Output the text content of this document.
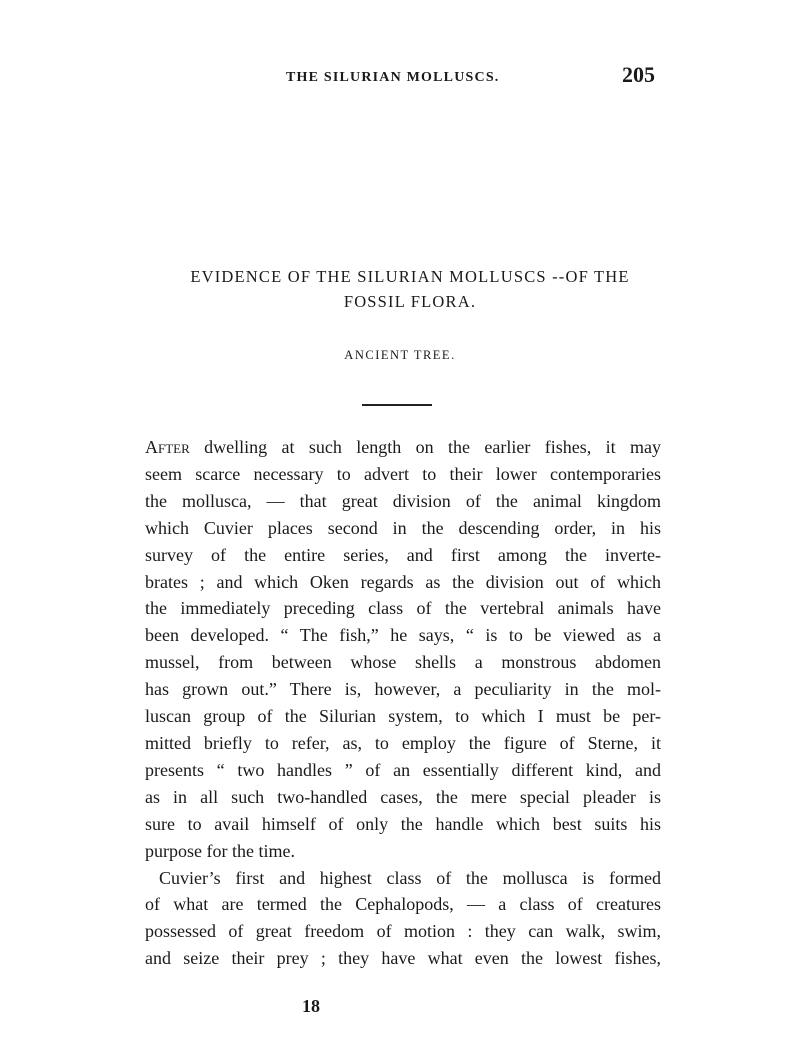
THE SILURIAN MOLLUSCS.	205
EVIDENCE OF THE SILURIAN MOLLUSCS --OF THE
FOSSIL FLORA.
ANCIENT TREE.
After dwelling at such length on the earlier fishes, it may
seem scarce necessary to advert to their lower contemporaries
the mollusca, — that great division of the animal kingdom
which Cuvier places second in the descending order, in his
survey of the entire series, and first among the inverte-
brates ; and which Oken regards as the division out of which
the immediately preceding class of the vertebral animals have
been developed. “ The fish,” he says, “ is to be viewed as a
mussel, from between whose shells a monstrous abdomen
has grown out.” There is, however, a peculiarity in the mol-
luscan group of the Silurian system, to which I must be per-
mitted briefly to refer, as, to employ the figure of Sterne, it
presents “ two handles ” of an essentially different kind, and
as in all such two-handled cases, the mere special pleader is
sure to avail himself of only the handle which best suits his
purpose for the time.
Cuvier’s first and highest class of the mollusca is formed
of what are termed the Cephalopods, — a class of creatures
possessed of great freedom of motion : they can walk, swim,
and seize their prey ; they have what even the lowest fishes,
18
